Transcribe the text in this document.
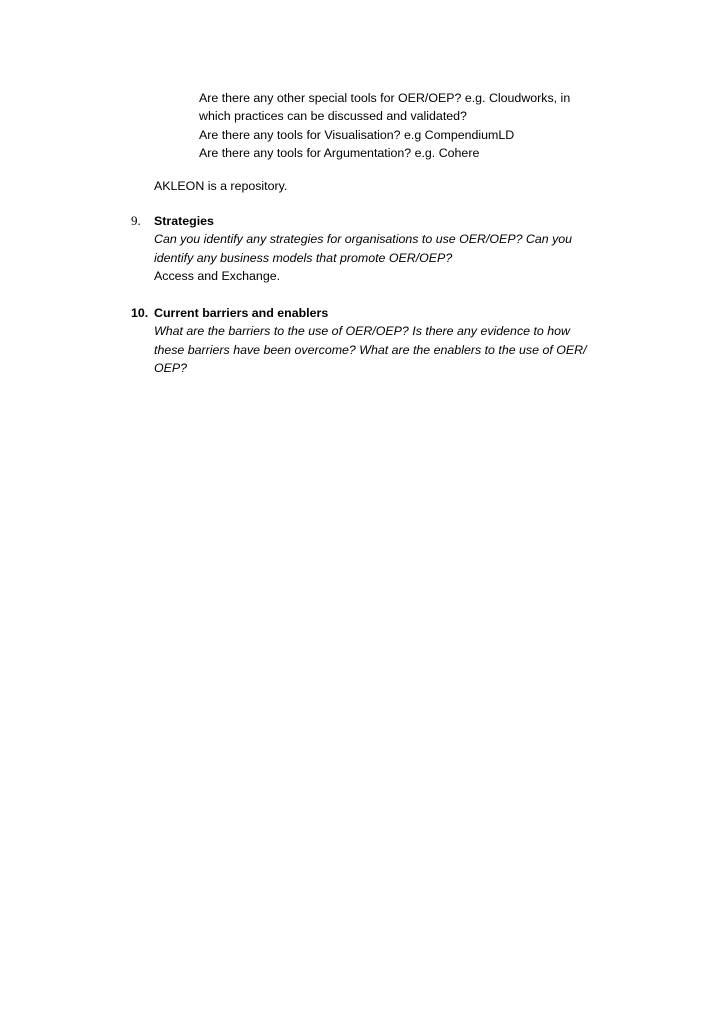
Are there any other special tools for OER/OEP? e.g. Cloudworks, in
which practices can be discussed and validated?
Are there any tools for Visualisation? e.g CompendiumLD
Are there any tools for Argumentation? e.g. Cohere
AKLEON is a repository.
9. Strategies
Can you identify any strategies for organisations to use OER/OEP? Can you
identify any business models that promote OER/OEP?
Access and Exchange.
10. Current barriers and enablers
What are the barriers to the use of OER/OEP? Is there any evidence to how
these barriers have been overcome? What are the enablers to the use of OER/
OEP?
